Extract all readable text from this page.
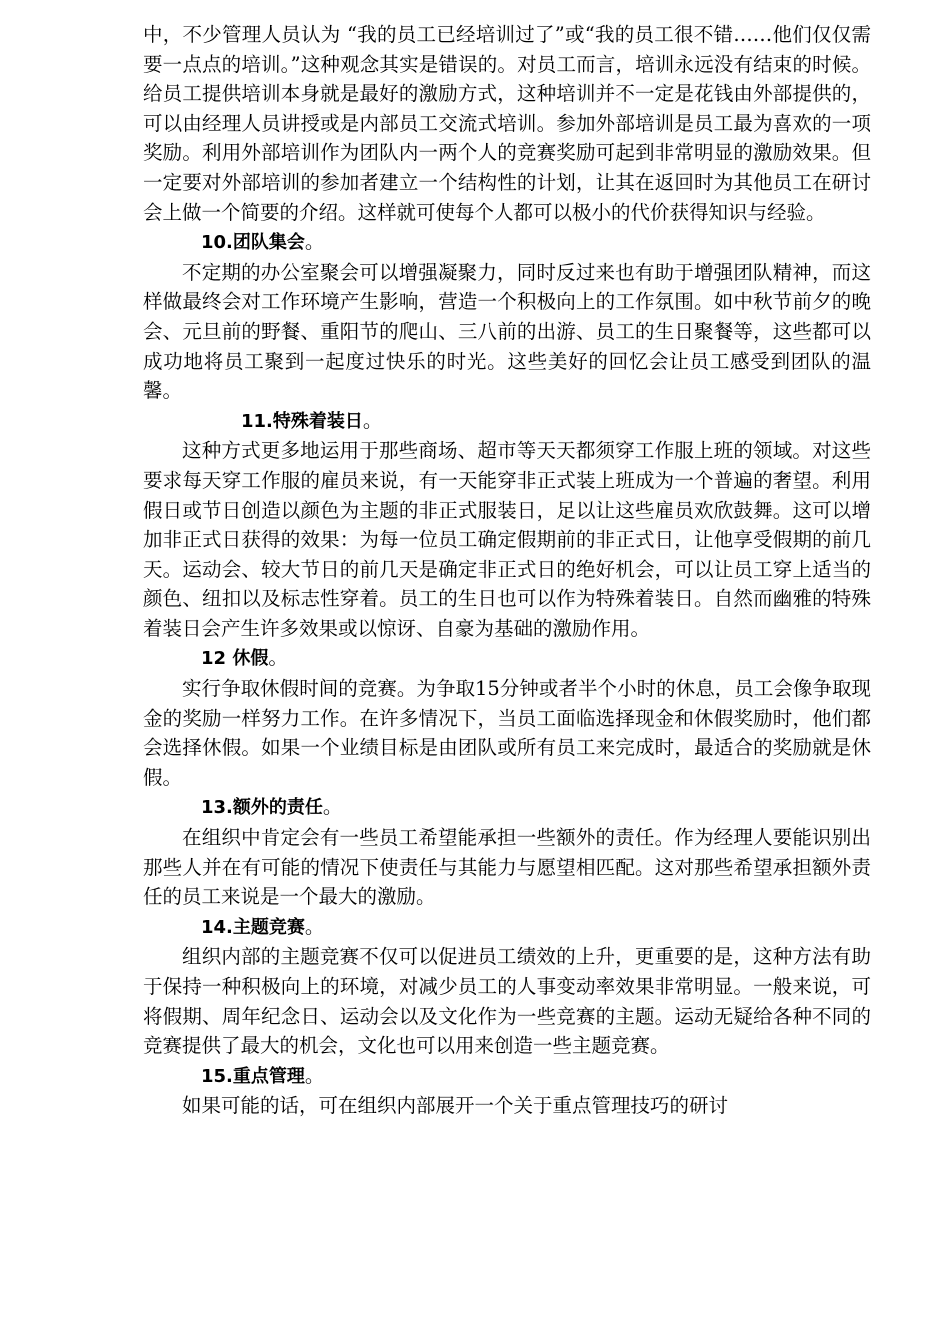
中，不少管理人员认为 “我的员工已经培训过了”或“我的员工很不错……他们仅仅需要一点点的培训。”这种观念其实是错误的。对员工而言，培训永远没有结束的时候。给员工提供培训本身就是最好的激励方式，这种培训并不一定是花钱由外部提供的，可以由经理人员讲授或是内部员工交流式培训。参加外部培训是员工最为喜欢的一项奖励。利用外部培训作为团队内一两个人的竞赛奖励可起到非常明显的激励效果。但一定要对外部培训的参加者建立一个结构性的计划，让其在返回时为其他员工在研讨会上做一个简要的介绍。这样就可使每个人都可以极小的代价获得知识与经验。

10.团队集会。

不定期的办公室聚会可以增强凝聚力，同时反过来也有助于增强团队精神，而这样做最终会对工作环境产生影响，营造一个积极向上的工作氛围。如中秋节前夕的晚会、元旦前的野餐、重阳节的爬山、三八前的出游、员工的生日聚餐等，这些都可以成功地将员工聚到一起度过快乐的时光。这些美好的回忆会让员工感受到团队的温馨。

11.特殊着装日。

这种方式更多地运用于那些商场、超市等天天都须穿工作服上班的领域。对这些要求每天穿工作服的雇员来说，有一天能穿非正式装上班成为一个普遍的奢望。利用假日或节日创造以颜色为主题的非正式服装日，足以让这些雇员欢欣鼓舞。这可以增加非正式日获得的效果：为每一位员工确定假期前的非正式日，让他享受假期的前几天。运动会、较大节日的前几天是确定非正式日的绝好机会，可以让员工穿上适当的颜色、纽扣以及标志性穿着。员工的生日也可以作为特殊着装日。自然而幽雅的特殊着装日会产生许多效果或以惊讶、自豪为基础的激励作用。

12 休假。

实行争取休假时间的竞赛。为争取15分钟或者半个小时的休息，员工会像争取现金的奖励一样努力工作。在许多情况下，当员工面临选择现金和休假奖励时，他们都会选择休假。如果一个业绩目标是由团队或所有员工来完成时，最适合的奖励就是休假。

13.额外的责任。

在组织中肯定会有一些员工希望能承担一些额外的责任。作为经理人要能识别出那些人并在有可能的情况下使责任与其能力与愿望相匹配。这对那些希望承担额外责任的员工来说是一个最大的激励。

14.主题竞赛。

组织内部的主题竞赛不仅可以促进员工绩效的上升，更重要的是，这种方法有助于保持一种积极向上的环境，对减少员工的人事变动率效果非常明显。一般来说，可将假期、周年纪念日、运动会以及文化作为一些竞赛的主题。运动无疑给各种不同的竞赛提供了最大的机会，文化也可以用来创造一些主题竞赛。

15.重点管理。

如果可能的话，可在组织内部展开一个关于重点管理技巧的研讨
